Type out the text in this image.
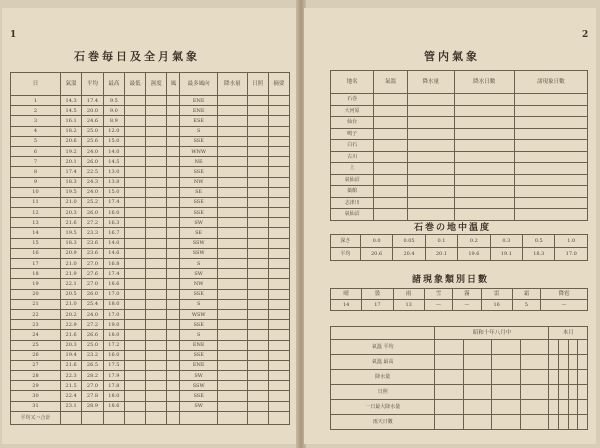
1
石巻毎日及全月氣象
日	氣溫	平均	最高	最低	濕度	風	最多風向	降水量	日照	摘要
1	14.3	17.4	9.5				ENE			
2	14.5	20.0	9.0				ENE			
3	16.1	24.6	8.9				ESE			
4	18.2	25.0	12.0				S			
5	20.6	25.6	15.0				SSE			
6	19.2	24.0	14.0				WNW			
7	20.1	26.0	14.5				NE			
8	17.4	22.5	13.0				SSE			
9	18.3	24.3	13.8				NW			
10	19.5	24.0	15.0				SE			
11	21.0	25.2	17.4				SSE			
12	20.3	26.0	16.0				SSE			
13	21.6	27.2	16.3				SW			
14	19.5	23.3	16.7				SE			
15	18.3	23.6	14.0				SSW			
16	20.9	23.6	14.6				SSW			
17	21.0	27.0	16.8				S			
18	21.9	27.6	17.4				SW			
19	22.1	27.0	18.6				NW			
20	20.5	26.0	17.0				SSE			
21	21.0	25.4	18.0				S			
22	20.2	24.0	17.0				WSW			
23	22.9	27.2	19.0				SSE			
24	21.6	26.6	18.0				S			
25	20.3	25.0	17.2				ENE			
26	19.4	23.2	16.0				SSE			
27	21.6	26.5	17.5				ENE			
28	22.3	28.2	17.9				SW			
29	21.5	27.0	17.8				SSW			
30	22.4	27.8	18.0				SSE			
31	23.1	28.9	18.6				SW			
平均又ハ合計										
2
管内氣象
地名	氣溫	降水量	降水日數	諸現象日數
石巻				
大河原				
仙台				
鳴子				
白石				
古川				
上				
氣仙沼				
築館				
志津川				
氣仙沼				
石巻の地中温度
深さ	0.0	0.05	0.1	0.2	0.3	0.5	1.0
平均	20.6	20.4	20.1	19.6	19.1	18.3	17.0
諸現象類別日數
晴	曇	雨	雪	霧	雷	霜	降雹
14	17	13	—	—	16	5	—
	昭和十年八月中				本月			
氣溫 平均								
氣溫 最高								
降水量								
日照								
一日最大降水量								
雨天日數								
